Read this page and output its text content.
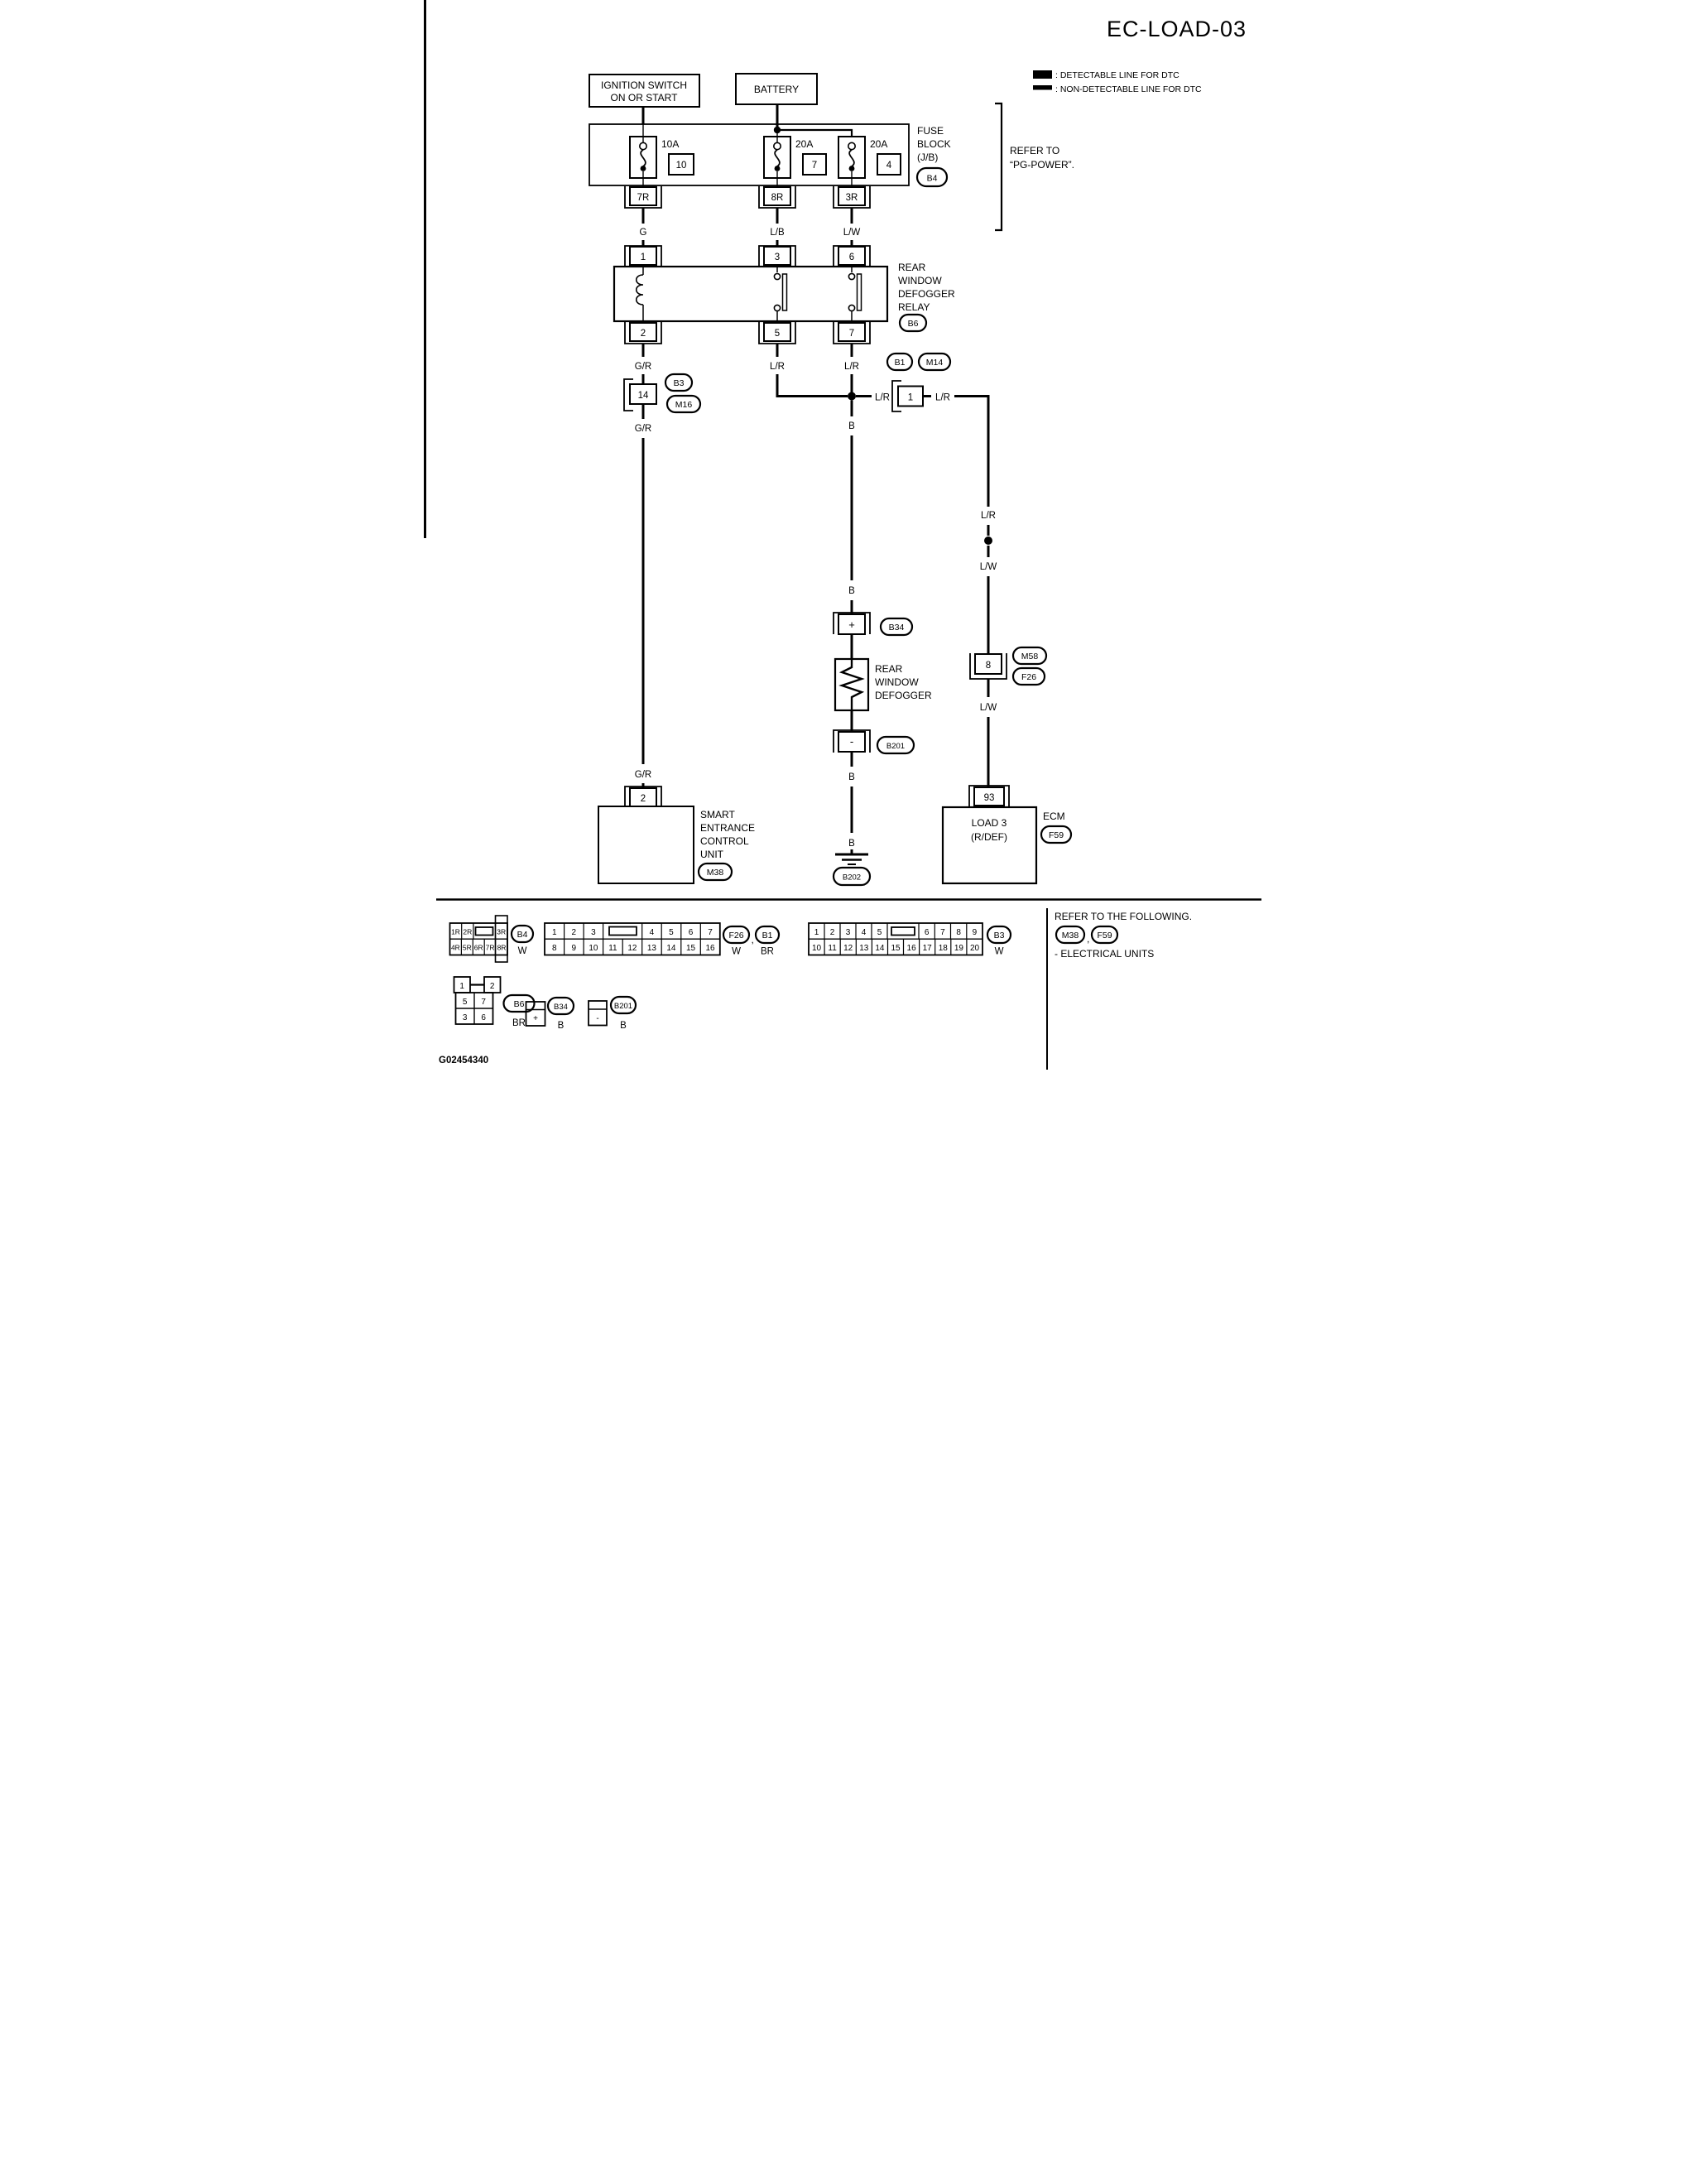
EC-LOAD-03
: DETECTABLE LINE FOR DTC
: NON-DETECTABLE LINE FOR DTC
IGNITION SWITCH
ON OR START
BATTERY
10A
10
20A
7
20A
4
FUSE
BLOCK
(J/B)
B4
REFER TO
“PG-POWER”.
7R	8R	3R
G	L/B	L/W
1	3	6
REAR
WINDOW
DEFOGGER
RELAY
B6
2	5	7
G/R	L/R	L/R	B1 M14
B3
14
M16
G/R
G/R
2
SMART
ENTRANCE
CONTROL
UNIT
M38
L/R 1 L/R
B
B
+	B34
REAR
WINDOW
DEFOGGER
-	B201
B
B
B202
L/R
L/W
8
M58
F26
L/W
93
LOAD 3
(R/DEF)
ECM
F59
1R 2R	3R
4R 5R 6R 7R 8R
B4
W
1 2 3	4 5 6 7
8 9 10 11 12 13 14 15 16
F26
W
, B1
BR
1 2 3 4 5	6 7 8 9
10 11 12 13 14 15 16 17 18 19 20
B3
W
REFER TO THE FOLLOWING.
M38 , F59
- ELECTRICAL UNITS
1	2
5 7
3 6
B6
BR +
B34
B
-
B201
B
G02454340
